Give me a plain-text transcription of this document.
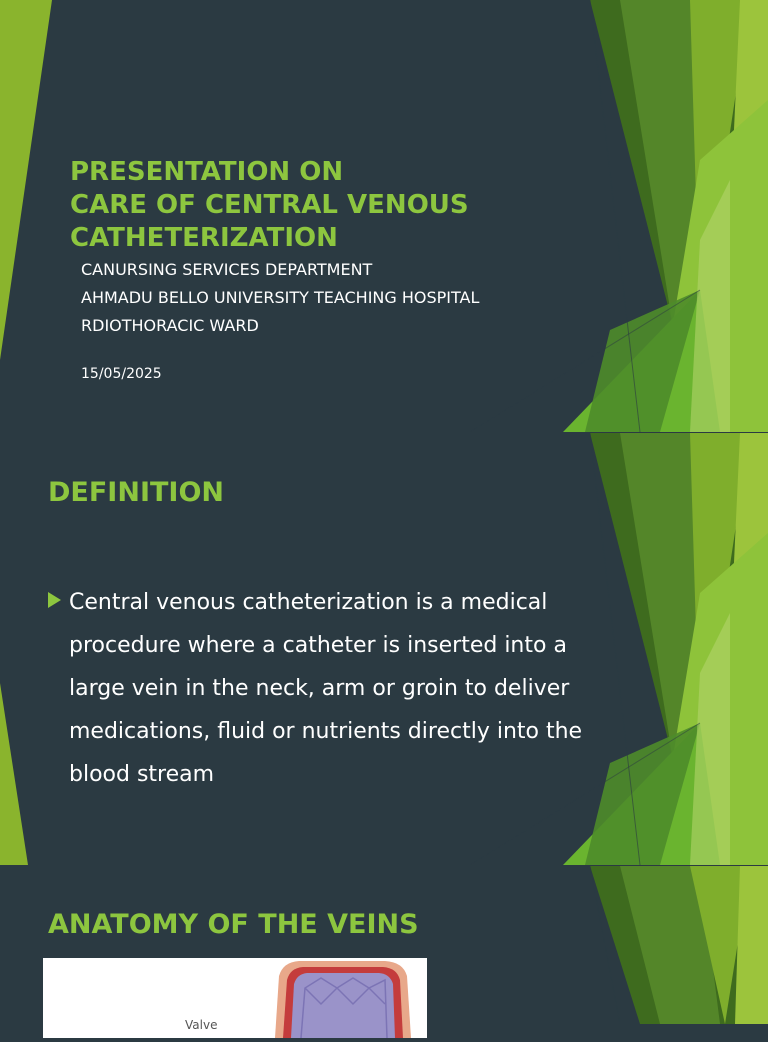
PRESENTATION ON
CARE OF CENTRAL VENOUS
CATHETERIZATION

CANURSING SERVICES DEPARTMENT

AHMADU BELLO UNIVERSITY TEACHING HOSPITAL

RDIOTHORACIC WARD

15/05/2025

DEFINITION

Central venous catheterization is a medical procedure where a catheter is inserted into a large vein in the neck, arm or groin to deliver medications, fluid or nutrients directly into the blood stream

ANATOMY OF THE VEINS
Valve
